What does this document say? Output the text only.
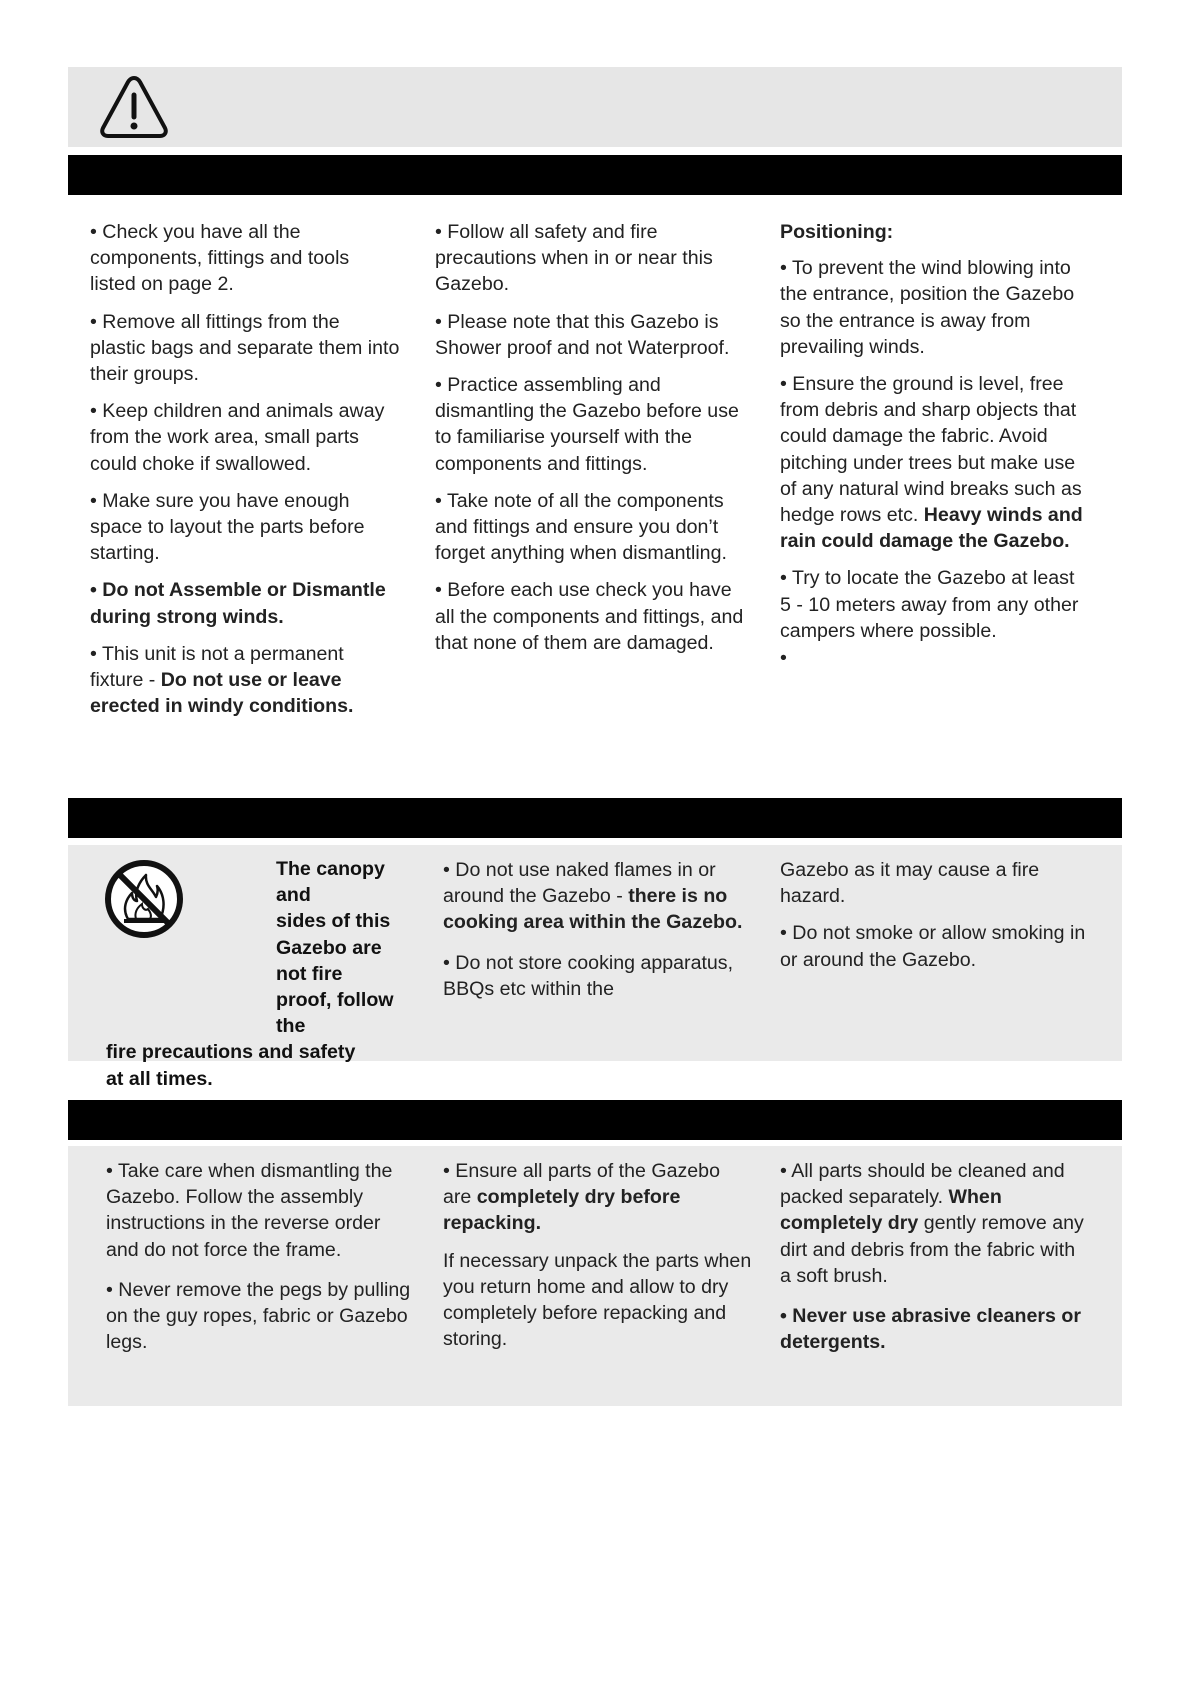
• Check you have all the components, fittings and tools listed on page 2.

• Remove all fittings from the plastic bags and separate them into their groups.

• Keep children and animals away from the work area, small parts could choke if swallowed.

• Make sure you have enough space to layout the parts before starting.

• Do not Assemble or Dismantle during strong winds.

• This unit is not a permanent fixture - Do not use or leave erected in windy conditions.

• Follow all safety and fire precautions when in or near this Gazebo.

• Please note that this Gazebo is Shower proof and not Waterproof.

• Practice assembling and dismantling the Gazebo before use to familiarise yourself with the components and fittings.

• Take note of all the components and fittings and ensure you don’t forget anything when dismantling.

• Before each use check you have all the components and fittings, and that none of them are damaged.

Positioning:

• To prevent the wind blowing into the entrance, position the Gazebo so the entrance is away from prevailing winds.

• Ensure the ground is level, free from debris and sharp objects that could damage the fabric. Avoid pitching under trees but make use of any natural wind breaks such as hedge rows etc. Heavy winds and rain could damage the Gazebo.

• Try to locate the Gazebo at least 5 - 10 meters away from any other campers where possible.

•

The canopy and
sides of this
Gazebo are not fire
proof, follow the
fire precautions and safety
at all times.

• Do not use naked flames in or around the Gazebo - there is no cooking area within the Gazebo.

• Do not store cooking apparatus, BBQs etc within the

Gazebo as it may cause a fire hazard.

• Do not smoke or allow smoking in or around the Gazebo.

• Take care when dismantling the Gazebo. Follow the assembly instructions in the reverse order and do not force the frame.

• Never remove the pegs by pulling on the guy ropes, fabric or Gazebo legs.

• Ensure all parts of the Gazebo are completely dry before repacking.

If necessary unpack the parts when you return home and allow to dry completely before repacking and storing.

• All parts should be cleaned and packed separately. When completely dry gently remove any dirt and debris from the fabric with a soft brush.

• Never use abrasive cleaners or detergents.
